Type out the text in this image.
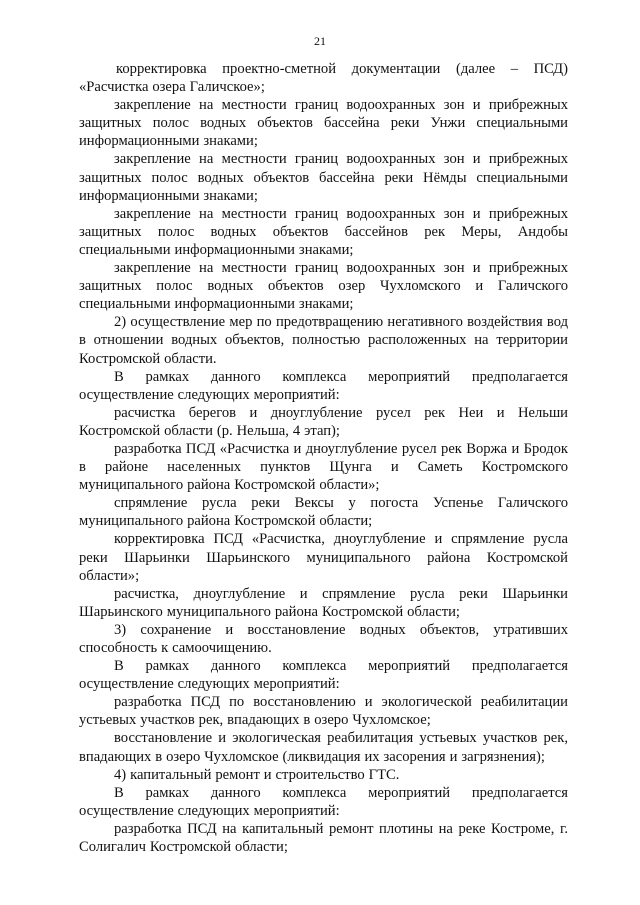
21

корректировка проектно-сметной документации (далее – ПСД) «Расчистка озера Галичское»;

закрепление на местности границ водоохранных зон и прибрежных защитных полос водных объектов бассейна реки Унжи специальными информационными знаками;

закрепление на местности границ водоохранных зон и прибрежных защитных полос водных объектов бассейна реки Нёмды специальными информационными знаками;

закрепление на местности границ водоохранных зон и прибрежных защитных полос водных объектов бассейнов рек Меры, Андобы специальными информационными знаками;

закрепление на местности границ водоохранных зон и прибрежных защитных полос водных объектов озер Чухломского и Галичского специальными информационными знаками;

2) осуществление мер по предотвращению негативного воздействия вод в отношении водных объектов, полностью расположенных на территории Костромской области.

В рамках данного комплекса мероприятий предполагается осуществление следующих мероприятий:

расчистка берегов и дноуглубление русел рек Неи и Нельши Костромской области (р. Нельша, 4 этап);

разработка ПСД «Расчистка и дноуглубление русел рек Воржа и Бродок в районе населенных пунктов Щунга и Саметь Костромского муниципального района Костромской области»;

спрямление русла реки Вексы у погоста Успенье Галичского муниципального района Костромской области;

корректировка ПСД «Расчистка, дноуглубление и спрямление русла реки Шарьинки Шарьинского муниципального района Костромской области»;

расчистка, дноуглубление и спрямление русла реки Шарьинки Шарьинского муниципального района Костромской области;

3) сохранение и восстановление водных объектов, утративших способность к самоочищению.

В рамках данного комплекса мероприятий предполагается осуществление следующих мероприятий:

разработка ПСД по восстановлению и экологической реабилитации устьевых участков рек, впадающих в озеро Чухломское;

восстановление и экологическая реабилитация устьевых участков рек, впадающих в озеро Чухломское (ликвидация их засорения и загрязнения);

4) капитальный ремонт и строительство ГТС.

В рамках данного комплекса мероприятий предполагается осуществление следующих мероприятий:

разработка ПСД на капитальный ремонт плотины на реке Костроме, г. Солигалич Костромской области;
